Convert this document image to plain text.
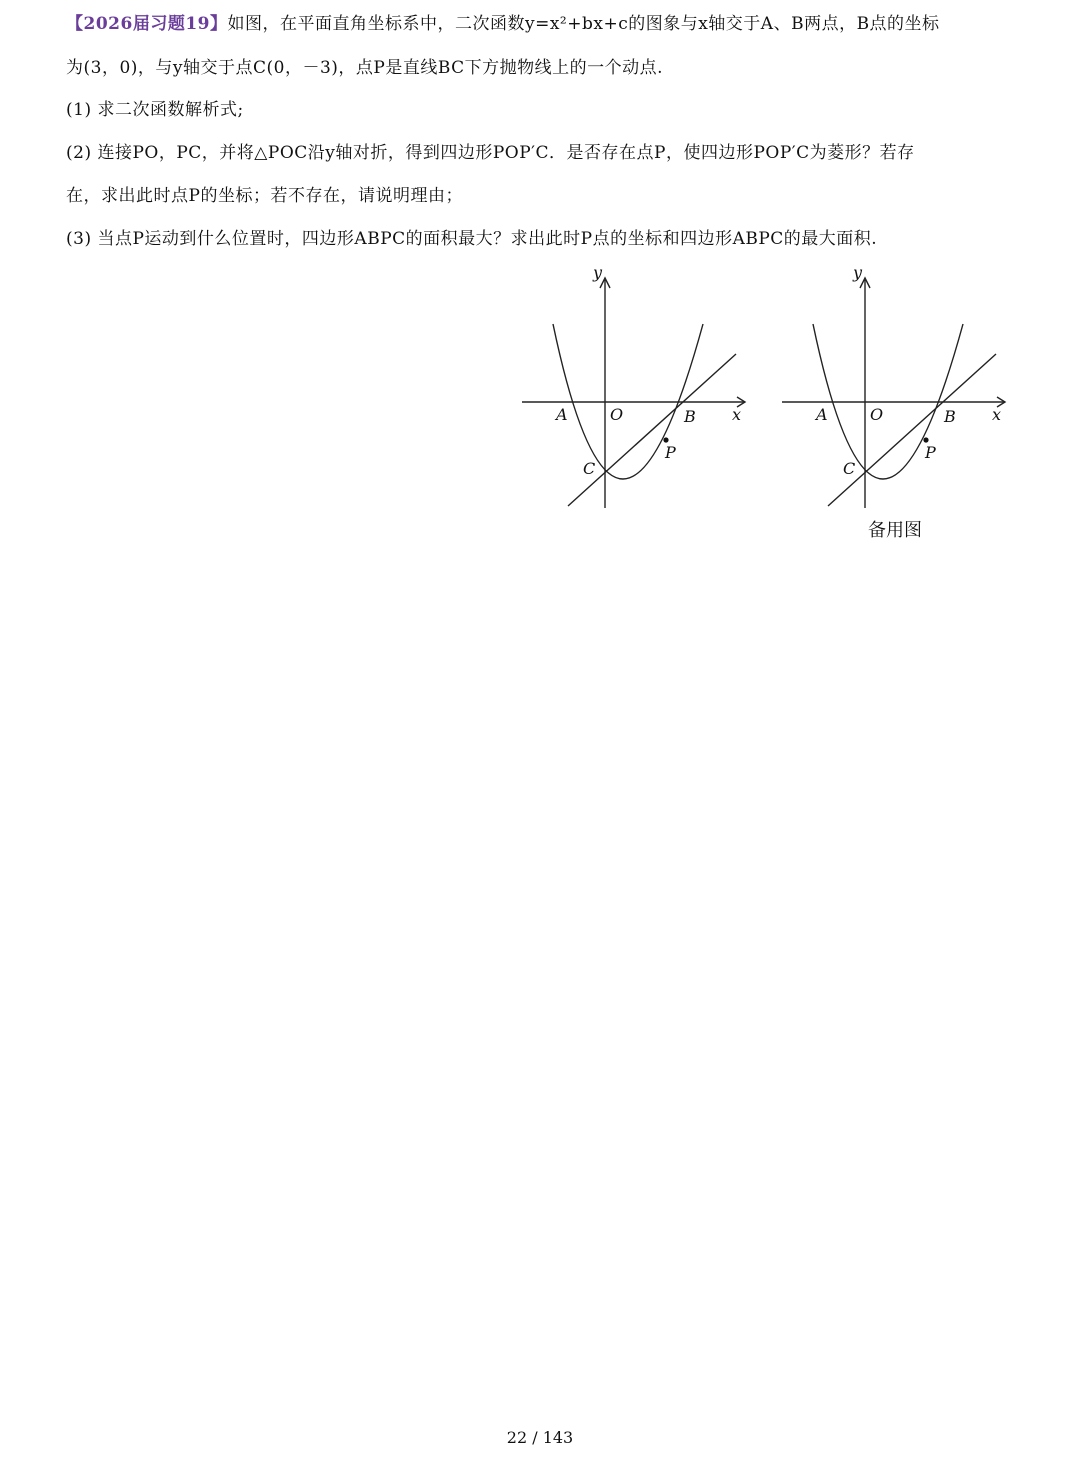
【2026届习题19】如图，在平面直角坐标系中，二次函数y=x²+bx+c的图象与x轴交于A、B两点，B点的坐标
为(3，0)，与y轴交于点C(0，－3)，点P是直线BC下方抛物线上的一个动点.
(1) 求二次函数解析式;
(2) 连接PO，PC，并将△POC沿y轴对折，得到四边形POP′C．是否存在点P，使四边形POP′C为菱形？若存
在，求出此时点P的坐标；若不存在，请说明理由；
(3) 当点P运动到什么位置时，四边形ABPC的面积最大？求出此时P点的坐标和四边形ABPC的最大面积.
y
x
A	O	B
C
P
y
x
A	O	B
C
P
备用图
22 / 143
